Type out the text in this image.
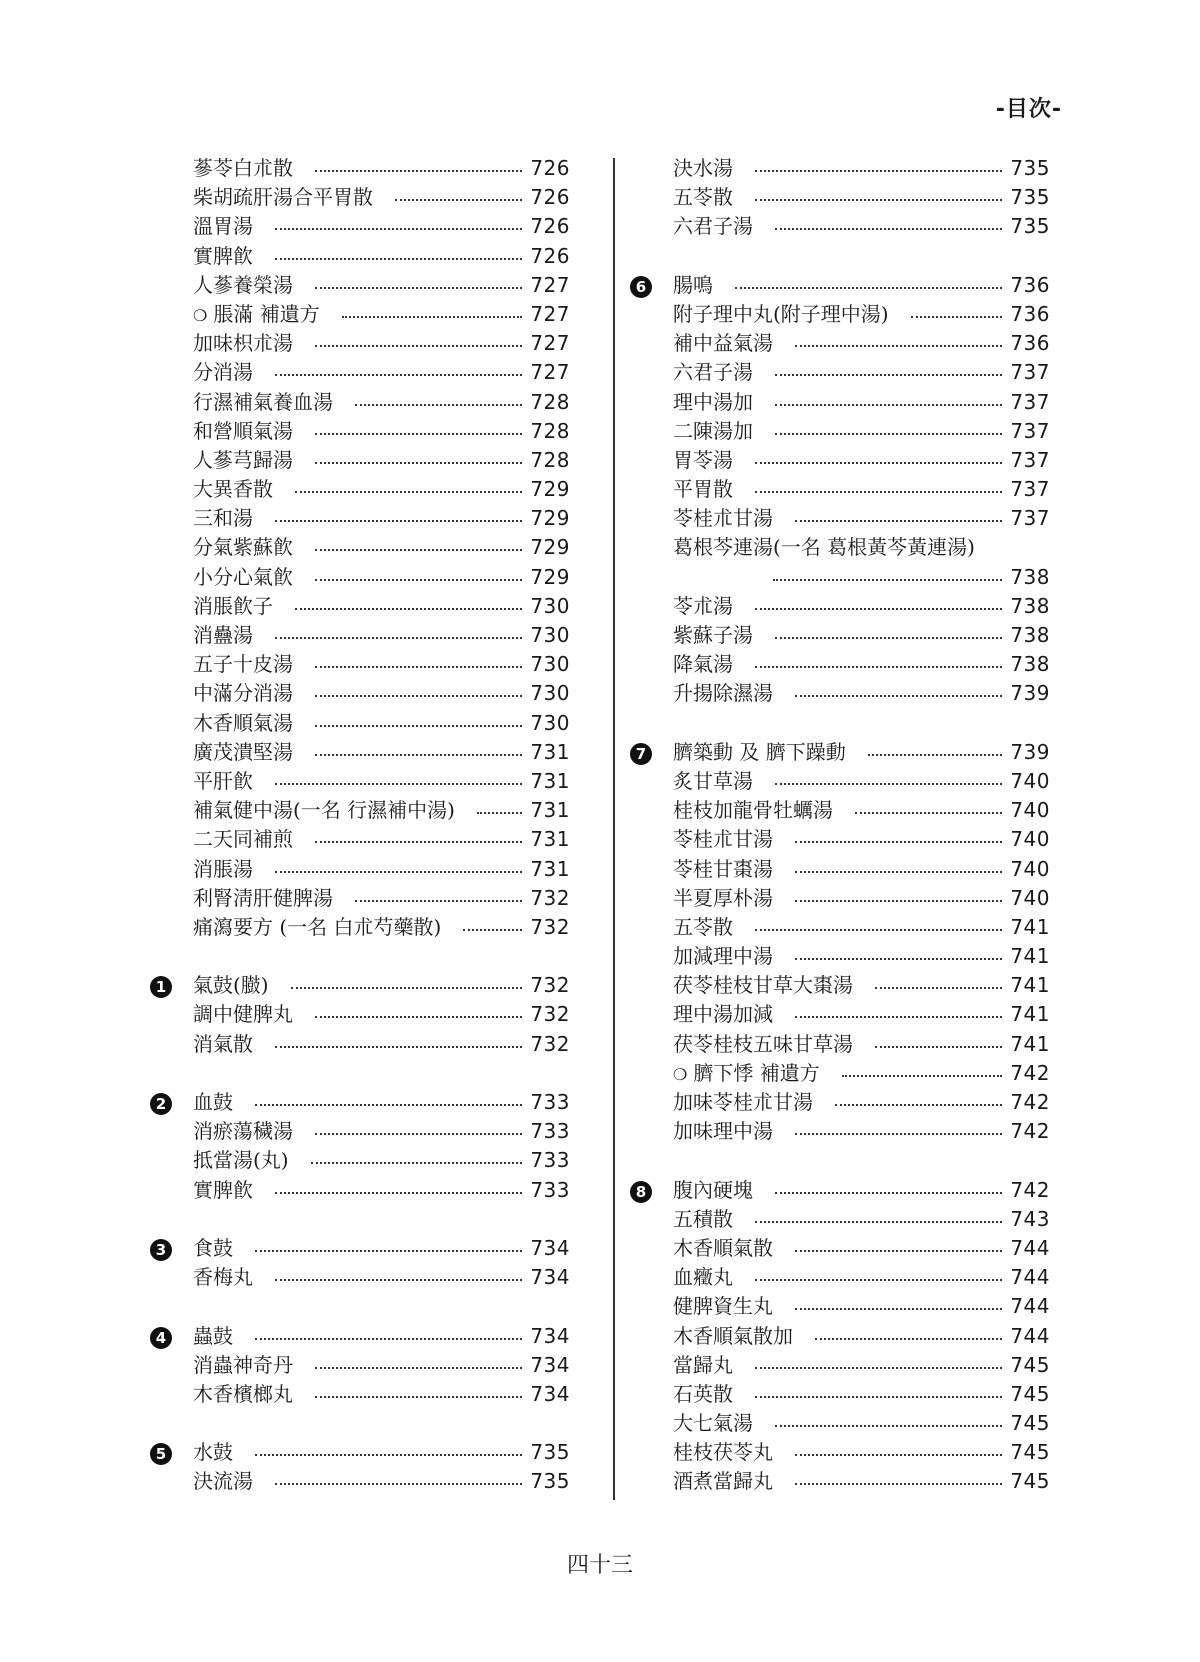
-目次-
蔘苓白朮散	726
柴胡疏肝湯合平胃散	726
溫胃湯	726
實脾飮	726
人蔘養榮湯	727
❍ 脹滿 補遺方	727
加味枳朮湯	727
分消湯	727
行濕補氣養血湯	728
和營順氣湯	728
人蔘芎歸湯	728
大異香散	729
三和湯	729
分氣紫蘇飮	729
小分心氣飮	729
消脹飮子	730
消蠱湯	730
五子十皮湯	730
中滿分消湯	730
木香順氣湯	730
廣茂潰堅湯	731
平肝飮	731
補氣健中湯(一名 行濕補中湯)	731
二天同補煎	731
消脹湯	731
利腎淸肝健脾湯	732
痛瀉要方 (一名 白朮芍藥散)	732
1 氣鼓(臌)	732
調中健脾丸	732
消氣散	732
2 血鼓	733
消瘀蕩穢湯	733
抵當湯(丸)	733
實脾飮	733
3 食鼓	734
香梅丸	734
4 蟲鼓	734
消蟲神奇丹	734
木香檳榔丸	734
5 水鼓	735
決流湯	735
決水湯	735
五苓散	735
六君子湯	735
6 腸鳴	736
附子理中丸(附子理中湯)	736
補中益氣湯	736
六君子湯	737
理中湯加	737
二陳湯加	737
胃苓湯	737
平胃散	737
苓桂朮甘湯	737
葛根芩連湯(一名 葛根黃芩黃連湯)
738
苓朮湯	738
紫蘇子湯	738
降氣湯	738
升揚除濕湯	739
7 臍築動 及 臍下躁動	739
炙甘草湯	740
桂枝加龍骨牡蠣湯	740
苓桂朮甘湯	740
苓桂甘棗湯	740
半夏厚朴湯	740
五苓散	741
加減理中湯	741
茯苓桂枝甘草大棗湯	741
理中湯加減	741
茯苓桂枝五味甘草湯	741
❍ 臍下悸 補遺方	742
加味苓桂朮甘湯	742
加味理中湯	742
8 腹內硬塊	742
五積散	743
木香順氣散	744
血癥丸	744
健脾資生丸	744
木香順氣散加	744
當歸丸	745
石英散	745
大七氣湯	745
桂枝茯苓丸	745
酒煮當歸丸	745
四十三
